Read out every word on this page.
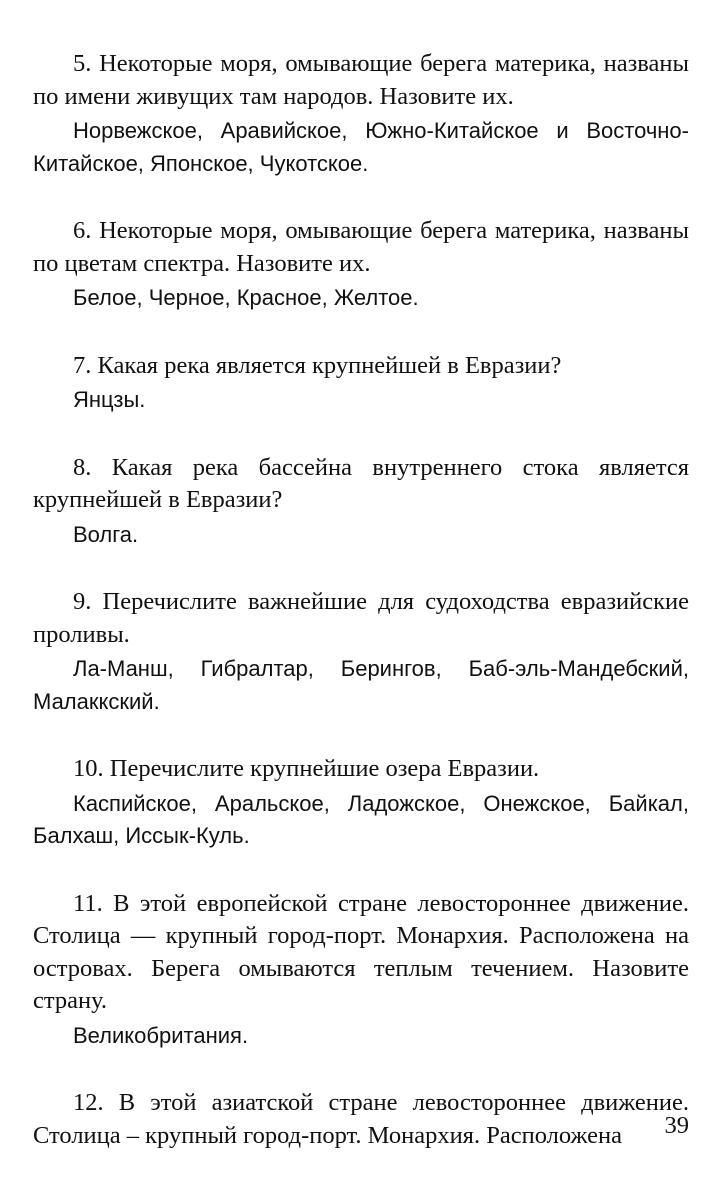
5. Некоторые моря, омывающие берега материка, названы по имени живущих там народов. Назовите их.

Норвежское, Аравийское, Южно-Китайское и Восточно-Китайское, Японское, Чукотское.

6. Некоторые моря, омывающие берега материка, названы по цветам спектра. Назовите их.

Белое, Черное, Красное, Желтое.

7. Какая река является крупнейшей в Евразии?

Янцзы.

8. Какая река бассейна внутреннего стока является крупнейшей в Евразии?

Волга.

9. Перечислите важнейшие для судоходства евразийские проливы.

Ла-Манш, Гибралтар, Берингов, Баб-эль-Мандебский, Малаккский.

10. Перечислите крупнейшие озера Евразии.

Каспийское, Аральское, Ладожское, Онежское, Байкал, Балхаш, Иссык-Куль.

11. В этой европейской стране левостороннее движение. Столица — крупный город-порт. Монархия. Расположена на островах. Берега омываются теплым течением. Назовите страну.

Великобритания.

12. В этой азиатской стране левостороннее движение. Столица – крупный город-порт. Монархия. Расположена	39
